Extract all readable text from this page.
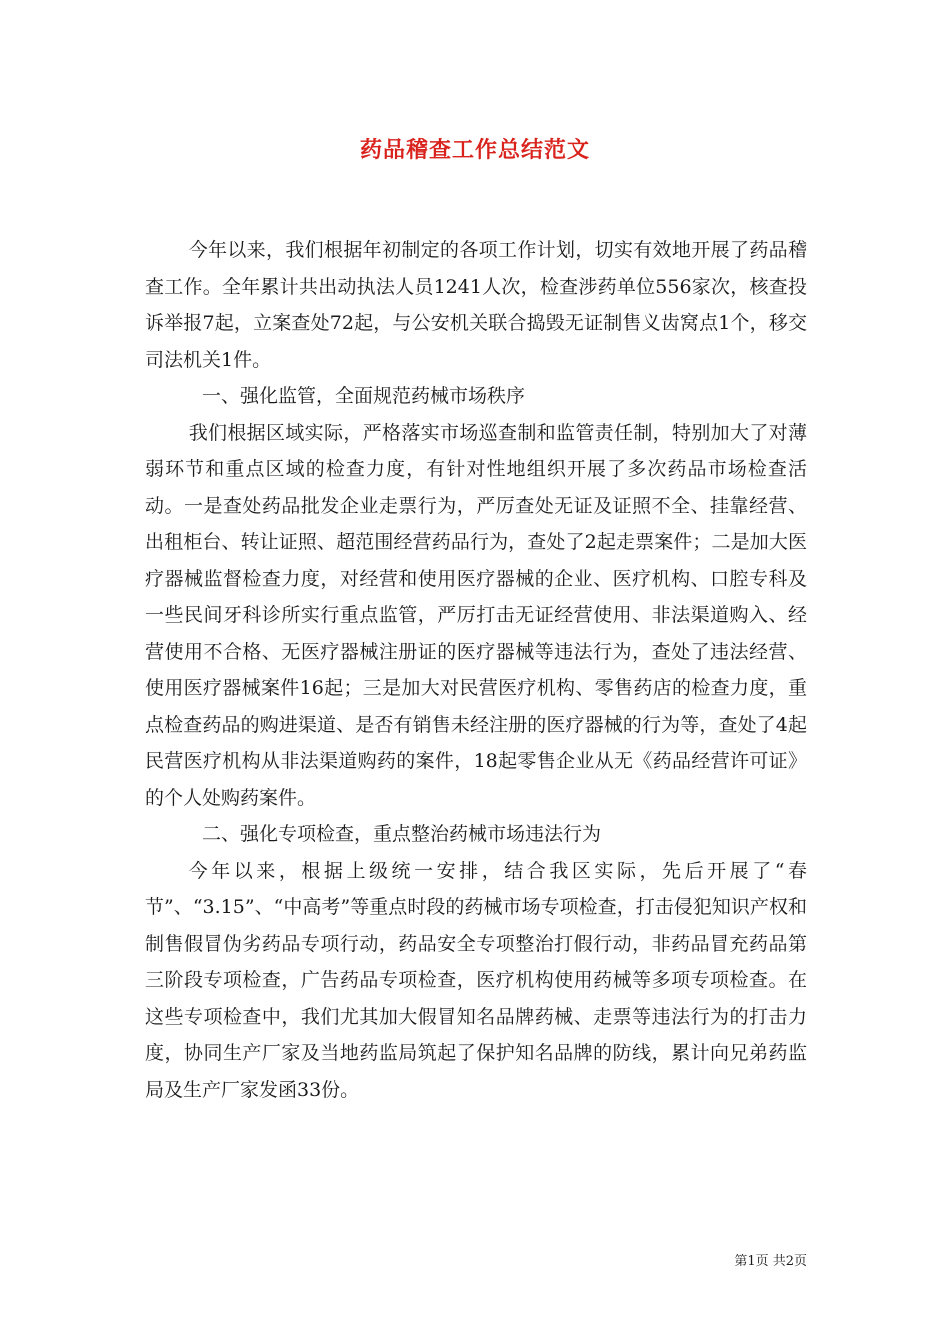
药品稽查工作总结范文

今年以来，我们根据年初制定的各项工作计划，切实有效地开展了药品稽查工作。全年累计共出动执法人员1241人次，检查涉药单位556家次，核查投诉举报7起，立案查处72起，与公安机关联合捣毁无证制售义齿窝点1个，移交司法机关1件。

一、强化监管，全面规范药械市场秩序

我们根据区域实际，严格落实市场巡查制和监管责任制，特别加大了对薄弱环节和重点区域的检查力度，有针对性地组织开展了多次药品市场检查活动。一是查处药品批发企业走票行为，严厉查处无证及证照不全、挂靠经营、出租柜台、转让证照、超范围经营药品行为，查处了2起走票案件；二是加大医疗器械监督检查力度，对经营和使用医疗器械的企业、医疗机构、口腔专科及一些民间牙科诊所实行重点监管，严厉打击无证经营使用、非法渠道购入、经营使用不合格、无医疗器械注册证的医疗器械等违法行为，查处了违法经营、使用医疗器械案件16起；三是加大对民营医疗机构、零售药店的检查力度，重点检查药品的购进渠道、是否有销售未经注册的医疗器械的行为等，查处了4起民营医疗机构从非法渠道购药的案件，18起零售企业从无《药品经营许可证》的个人处购药案件。

二、强化专项检查，重点整治药械市场违法行为

今年以来，根据上级统一安排，结合我区实际，先后开展了“春节”、“3.15”、“中高考”等重点时段的药械市场专项检查，打击侵犯知识产权和制售假冒伪劣药品专项行动，药品安全专项整治打假行动，非药品冒充药品第三阶段专项检查，广告药品专项检查，医疗机构使用药械等多项专项检查。在这些专项检查中，我们尤其加大假冒知名品牌药械、走票等违法行为的打击力度，协同生产厂家及当地药监局筑起了保护知名品牌的防线，累计向兄弟药监局及生产厂家发函33份。

第1页 共2页
